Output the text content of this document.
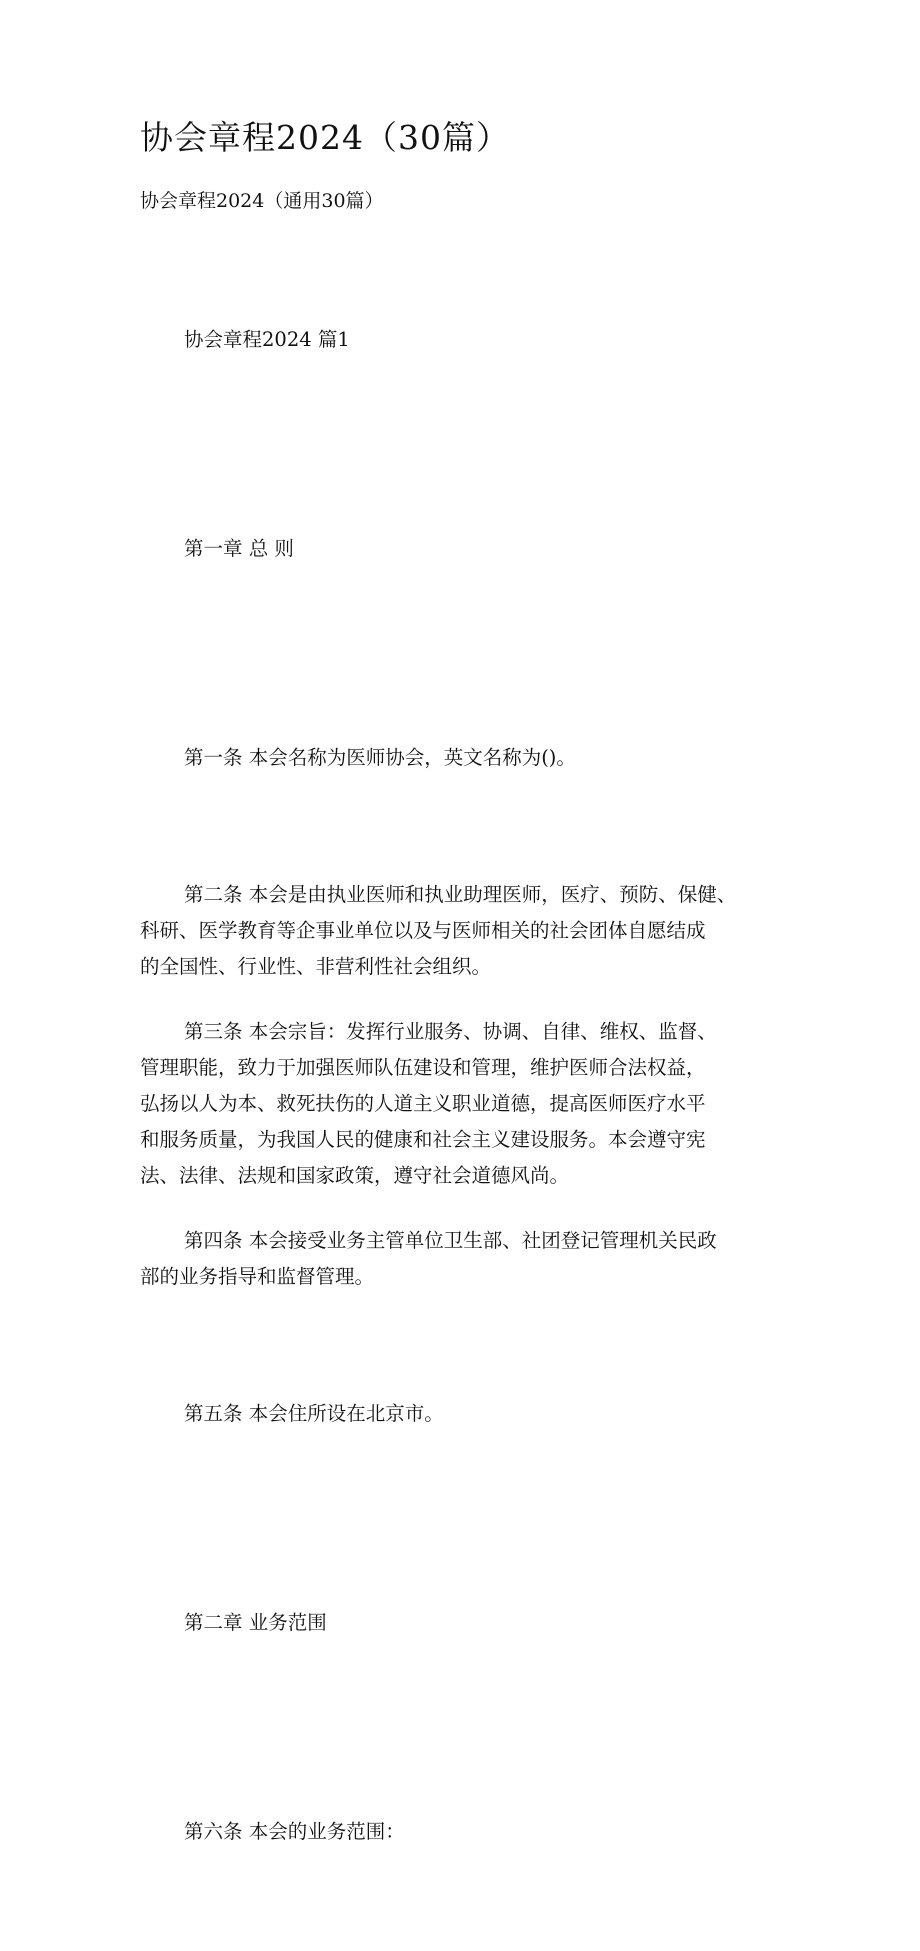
协会章程2024（30篇）

协会章程2024（通用30篇）

协会章程2024 篇1

第一章 总 则

第一条 本会名称为医师协会，英文名称为()。

第二条 本会是由执业医师和执业助理医师，医疗、预防、保健、
科研、医学教育等企事业单位以及与医师相关的社会团体自愿结成
的全国性、行业性、非营利性社会组织。

第三条 本会宗旨：发挥行业服务、协调、自律、维权、监督、
管理职能，致力于加强医师队伍建设和管理，维护医师合法权益，
弘扬以人为本、救死扶伤的人道主义职业道德，提高医师医疗水平
和服务质量，为我国人民的健康和社会主义建设服务。本会遵守宪
法、法律、法规和国家政策，遵守社会道德风尚。

第四条 本会接受业务主管单位卫生部、社团登记管理机关民政
部的业务指导和监督管理。

第五条 本会住所设在北京市。

第二章 业务范围

第六条 本会的业务范围：
